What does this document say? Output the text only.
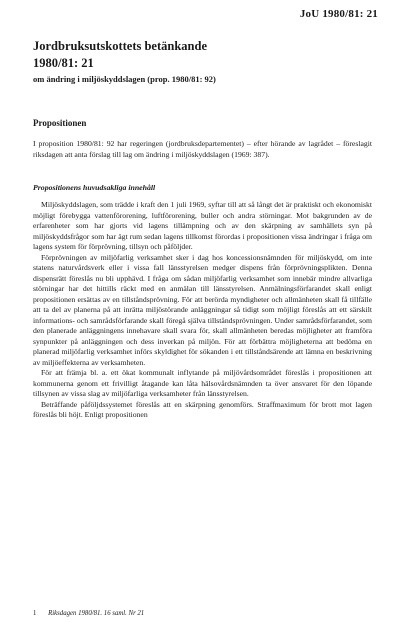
JoU 1980/81: 21

Jordbruksutskottets betänkande

1980/81: 21

om ändring i miljöskyddslagen (prop. 1980/81: 92)

Propositionen

I proposition 1980/81: 92 har regeringen (jordbruksdepartementet) – efter hörande av lagrådet – föreslagit riksdagen att anta förslag till lag om ändring i miljöskyddslagen (1969: 387).

Propositionens huvudsakliga innehåll

Miljöskyddslagen, som trädde i kraft den 1 juli 1969, syftar till att så långt det är praktiskt och ekonomiskt möjligt förebygga vattenförorening, luftförorening, buller och andra störningar. Mot bakgrunden av de erfarenheter som har gjorts vid lagens tillämpning och av den skärpning av samhällets syn på miljöskyddsfrågor som har ägt rum sedan lagens tillkomst förordas i propositionen vissa ändringar i fråga om lagens system för förprövning, tillsyn och påföljder.

Förprövningen av miljöfarlig verksamhet sker i dag hos koncessionsnämnden för miljöskydd, om inte statens naturvårdsverk eller i vissa fall länsstyrelsen medger dispens från förprövningsplikten. Denna dispensrätt föreslås nu bli upphävd. I fråga om sådan miljöfarlig verksamhet som innebär mindre allvarliga störningar har det hittills räckt med en anmälan till länsstyrelsen. Anmälningsförfarandet skall enligt propositionen ersättas av en tillståndsprövning. För att berörda myndigheter och allmänheten skall få tillfälle att ta del av planerna på att inrätta miljöstörande anläggningar så tidigt som möjligt föreslås att ett särskilt informations- och samrådsförfarande skall föregå själva tillståndsprövningen. Under samrådsförfarandet, som den planerade anläggningens innehavare skall svara för, skall allmänheten beredas möjligheter att framföra synpunkter på anläggningen och dess inverkan på miljön. För att förbättra möjligheterna att bedöma en planerad miljöfarlig verksamhet införs skyldighet för sökanden i ett tillståndsärende att lämna en beskrivning av miljöeffekterna av verksamheten.

För att främja bl. a. ett ökat kommunalt inflytande på miljövårdsområdet föreslås i propositionen att kommunerna genom ett frivilligt åtagande kan låta hälsovårdsnämnden ta över ansvaret för den löpande tillsynen av vissa slag av miljöfarliga verksamheter från länsstyrelsen.

Beträffande påföljdssystemet föreslås att en skärpning genomförs. Straffmaximum för brott mot lagen föreslås bli höjt. Enligt propositionen

1 Riksdagen 1980/81. 16 saml. Nr 21
